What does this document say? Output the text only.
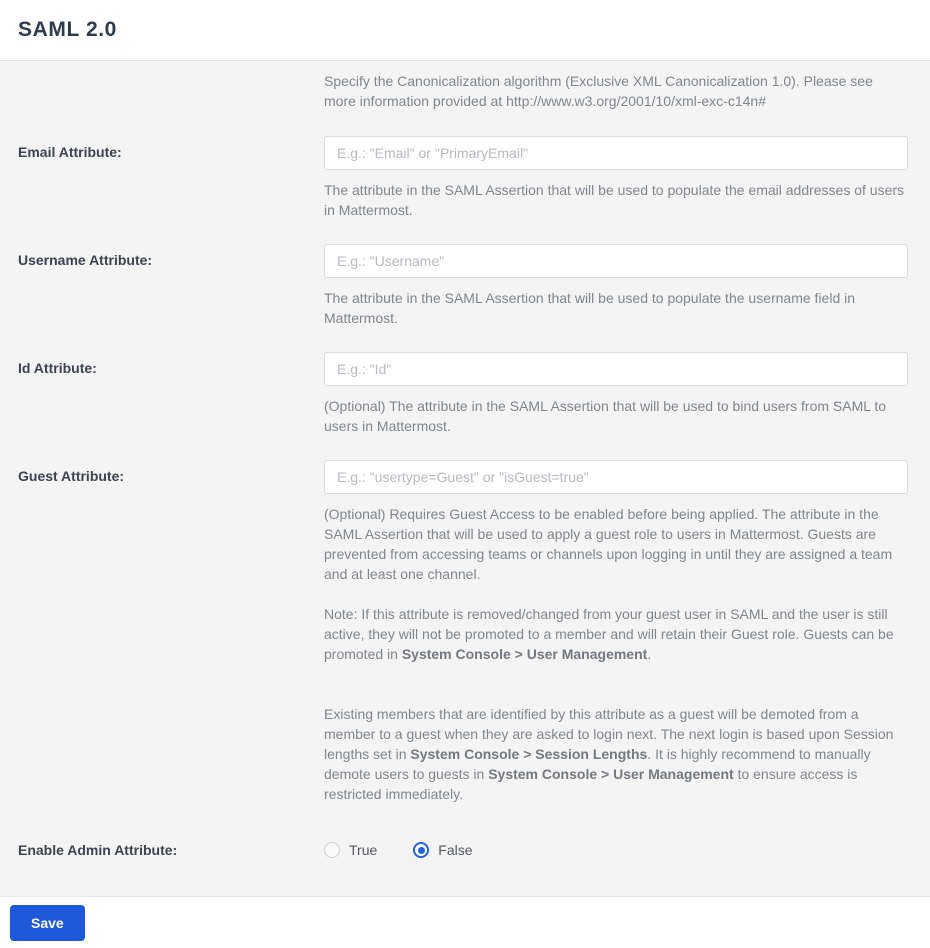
SAML 2.0

Specify the Canonicalization algorithm (Exclusive XML Canonicalization 1.0). Please see more information provided at http://www.w3.org/2001/10/xml-exc-c14n#

Email Attribute:
E.g.: "Email" or "PrimaryEmail"

The attribute in the SAML Assertion that will be used to populate the email addresses of users in Mattermost.

Username Attribute:
E.g.: "Username"

The attribute in the SAML Assertion that will be used to populate the username field in Mattermost.

Id Attribute:
E.g.: "Id"

(Optional) The attribute in the SAML Assertion that will be used to bind users from SAML to users in Mattermost.

Guest Attribute:
E.g.: "usertype=Guest" or "isGuest=true"

(Optional) Requires Guest Access to be enabled before being applied. The attribute in the SAML Assertion that will be used to apply a guest role to users in Mattermost. Guests are prevented from accessing teams or channels upon logging in until they are assigned a team and at least one channel.

Note: If this attribute is removed/changed from your guest user in SAML and the user is still active, they will not be promoted to a member and will retain their Guest role. Guests can be promoted in System Console > User Management.

Existing members that are identified by this attribute as a guest will be demoted from a member to a guest when they are asked to login next. The next login is based upon Session lengths set in System Console > Session Lengths. It is highly recommend to manually demote users to guests in System Console > User Management to ensure access is restricted immediately.

Enable Admin Attribute:	True	False
Save
